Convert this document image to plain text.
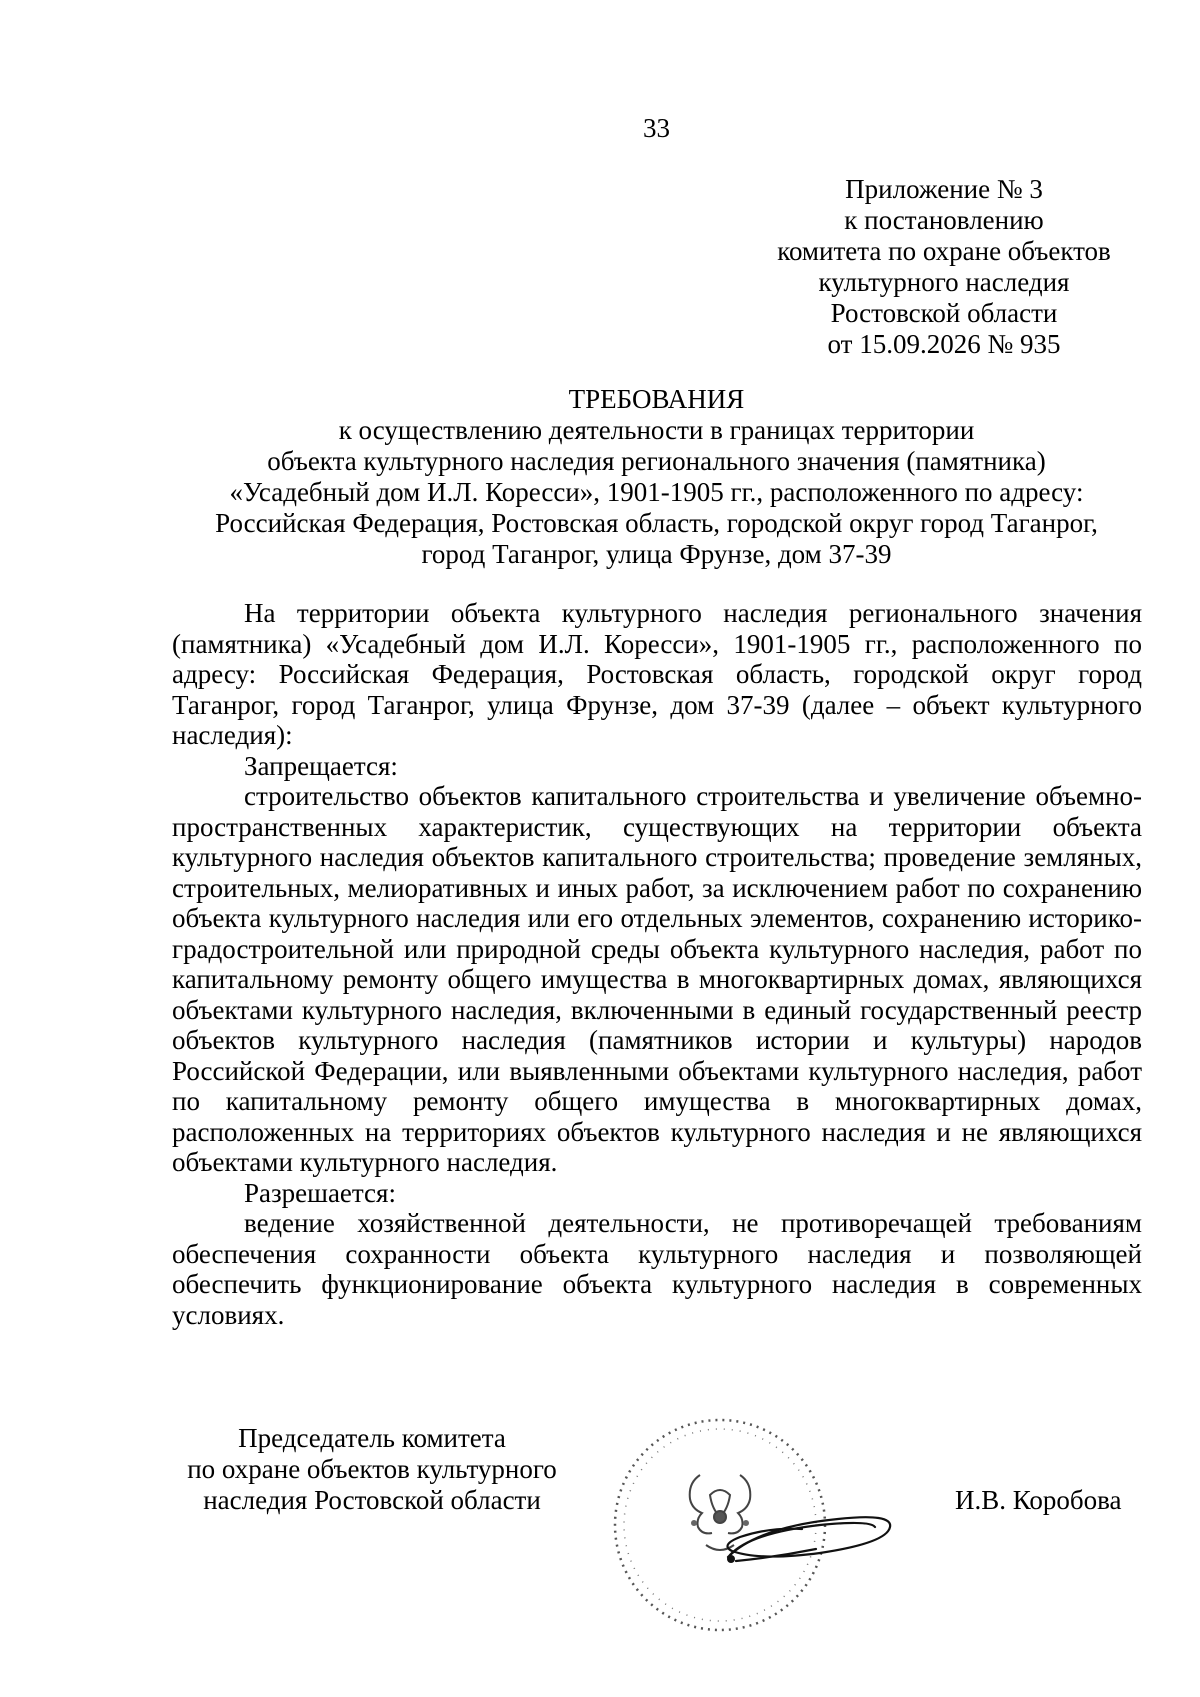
33
Приложение № 3
к постановлению
комитета по охране объектов
культурного наследия
Ростовской области
от 15.09.2026 № 935
ТРЕБОВАНИЯ
к осуществлению деятельности в границах территории
объекта культурного наследия регионального значения (памятника)
«Усадебный дом И.Л. Коресси», 1901-1905 гг., расположенного по адресу:
Российская Федерация, Ростовская область, городской округ город Таганрог,
город Таганрог, улица Фрунзе, дом 37-39

На территории объекта культурного наследия регионального значения (памятника) «Усадебный дом И.Л. Коресси», 1901-1905 гг., расположенного по адресу: Российская Федерация, Ростовская область, городской округ город Таганрог, город Таганрог, улица Фрунзе, дом 37-39 (далее – объект культурного наследия):

Запрещается:

строительство объектов капитального строительства и увеличение объемно-пространственных характеристик, существующих на территории объекта культурного наследия объектов капитального строительства; проведение земляных, строительных, мелиоративных и иных работ, за исключением работ по сохранению объекта культурного наследия или его отдельных элементов, сохранению историко-градостроительной или природной среды объекта культурного наследия, работ по капитальному ремонту общего имущества в многоквартирных домах, являющихся объектами культурного наследия, включенными в единый государственный реестр объектов культурного наследия (памятников истории и культуры) народов Российской Федерации, или выявленными объектами культурного наследия, работ по капитальному ремонту общего имущества в многоквартирных домах, расположенных на территориях объектов культурного наследия и не являющихся объектами культурного наследия.

Разрешается:

ведение хозяйственной деятельности, не противоречащей требованиям обеспечения сохранности объекта культурного наследия и позволяющей обеспечить функционирование объекта культурного наследия в современных условиях.

Председатель комитета
по охране объектов культурного
наследия Ростовской области	И.В. Коробова
